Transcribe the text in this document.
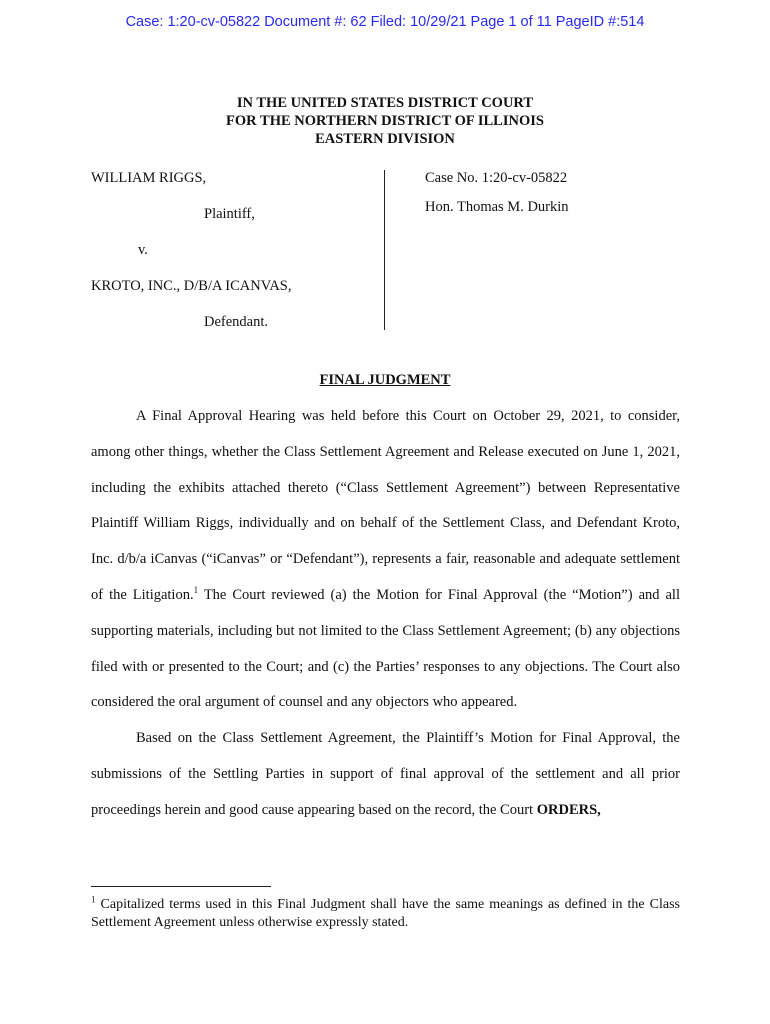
Case: 1:20-cv-05822 Document #: 62 Filed: 10/29/21 Page 1 of 11 PageID #:514
IN THE UNITED STATES DISTRICT COURT
FOR THE NORTHERN DISTRICT OF ILLINOIS
EASTERN DIVISION
WILLIAM RIGGS,
Plaintiff,
v.
KROTO, INC., D/B/A ICANVAS,
Defendant.
Case No. 1:20-cv-05822
Hon. Thomas M. Durkin
FINAL JUDGMENT

A Final Approval Hearing was held before this Court on October 29, 2021, to consider, among other things, whether the Class Settlement Agreement and Release executed on June 1, 2021, including the exhibits attached thereto (“Class Settlement Agreement”) between Representative Plaintiff William Riggs, individually and on behalf of the Settlement Class, and Defendant Kroto, Inc. d/b/a iCanvas (“iCanvas” or “Defendant”), represents a fair, reasonable and adequate settlement of the Litigation.$^1$ The Court reviewed (a) the Motion for Final Approval (the “Motion”) and all supporting materials, including but not limited to the Class Settlement Agreement; (b) any objections filed with or presented to the Court; and (c) the Parties’ responses to any objections. The Court also considered the oral argument of counsel and any objectors who appeared.

Based on the Class Settlement Agreement, the Plaintiff’s Motion for Final Approval, the submissions of the Settling Parties in support of final approval of the settlement and all prior proceedings herein and good cause appearing based on the record, the Court ORDERS,

$^1$ Capitalized terms used in this Final Judgment shall have the same meanings as defined in the Class Settlement Agreement unless otherwise expressly stated.
